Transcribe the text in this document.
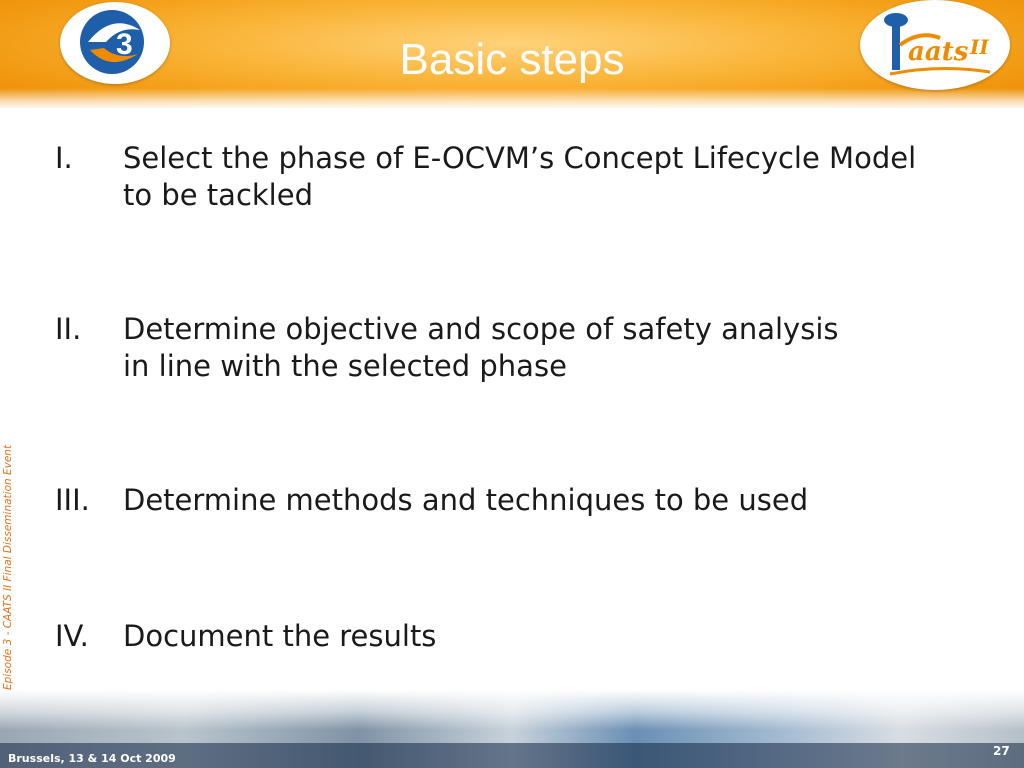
3	Basic steps	aats II
I. Select the phase of E-OCVM’s Concept Lifecycle Model to be tackled
II. Determine objective and scope of safety analysis in line with the selected phase
III. Determine methods and techniques to be used
IV. Document the results
Episode 3 - CAATS II Final Dissemination Event
Brussels, 13 & 14 Oct 2009
27
